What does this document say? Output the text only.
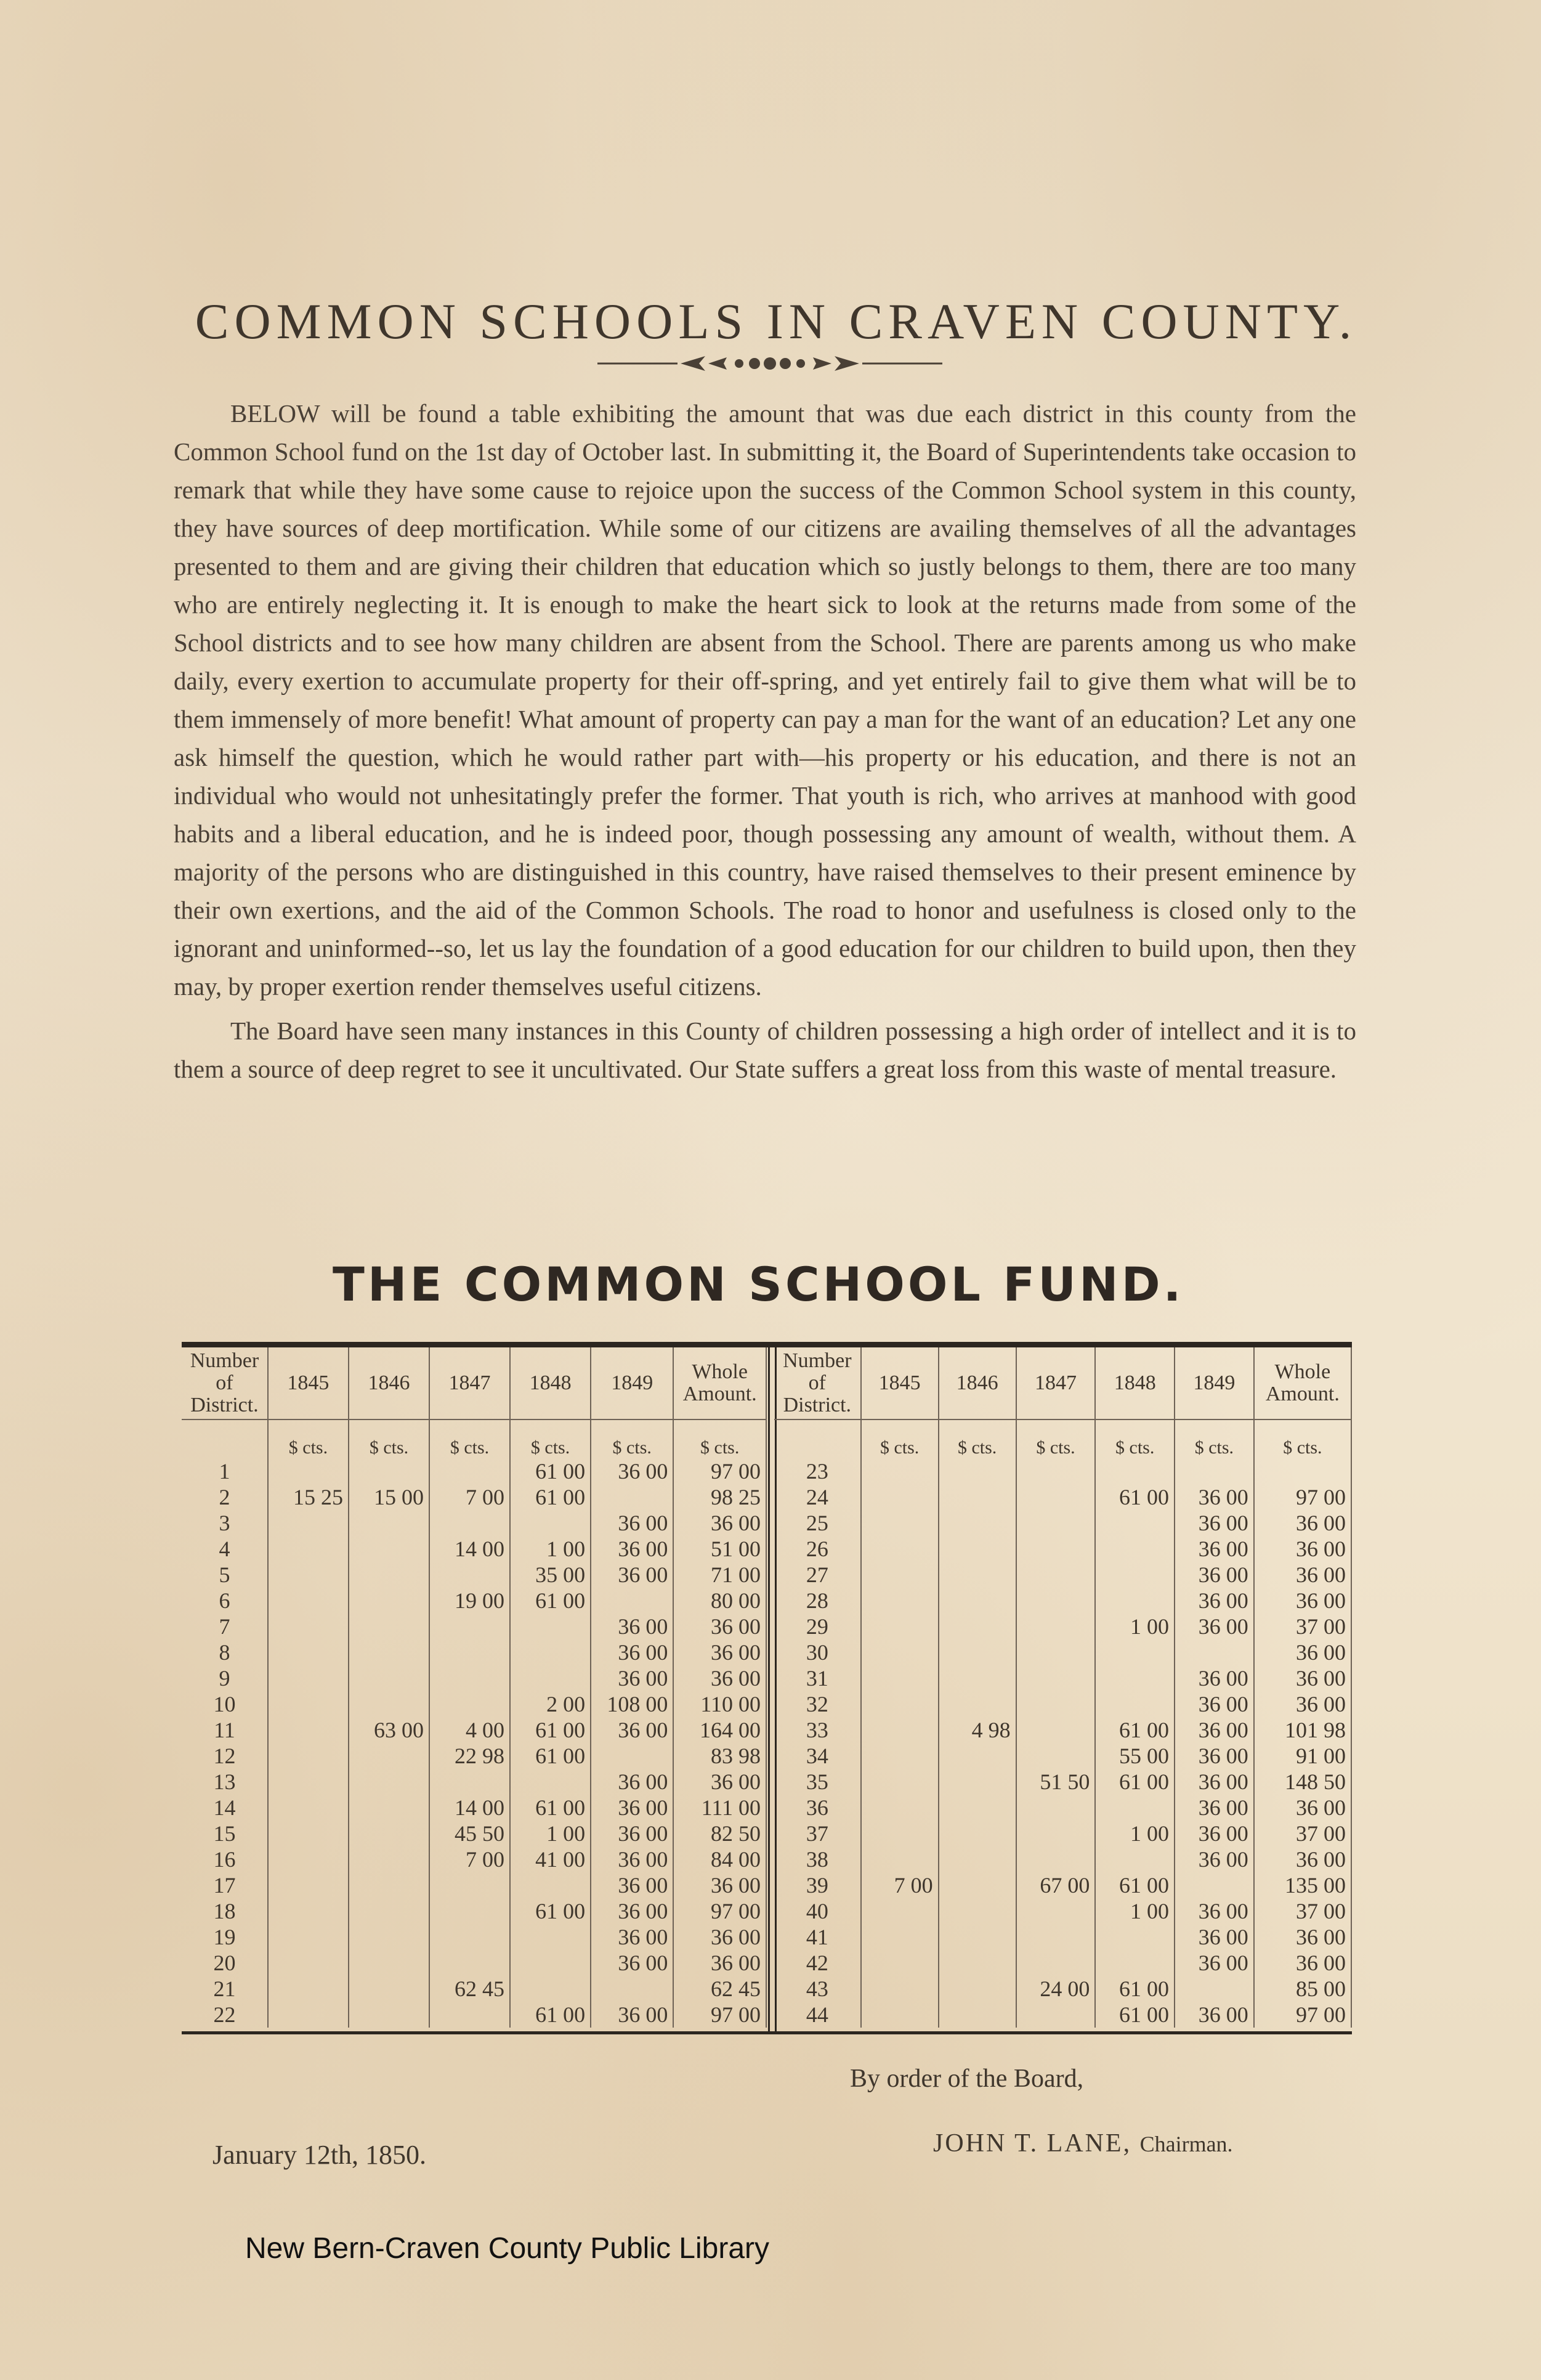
COMMON SCHOOLS IN CRAVEN COUNTY.

BELOW will be found a table exhibiting the amount that was due each district in this county from the Common School fund on the 1st day of October last. In submitting it, the Board of Superintendents take occasion to remark that while they have some cause to rejoice upon the success of the Common School system in this county, they have sources of deep mortification. While some of our citizens are availing themselves of all the advantages presented to them and are giving their children that education which so justly belongs to them, there are too many who are entirely neglecting it. It is enough to make the heart sick to look at the returns made from some of the School districts and to see how many children are absent from the School. There are parents among us who make daily, every exertion to accumulate property for their off-spring, and yet entirely fail to give them what will be to them immensely of more benefit! What amount of property can pay a man for the want of an education? Let any one ask himself the question, which he would rather part with—his property or his education, and there is not an individual who would not unhesitatingly prefer the former. That youth is rich, who arrives at manhood with good habits and a liberal education, and he is indeed poor, though possessing any amount of wealth, without them. A majority of the persons who are distinguished in this country, have raised themselves to their present eminence by their own exertions, and the aid of the Common Schools. The road to honor and usefulness is closed only to the ignorant and uninformed--so, let us lay the foundation of a good education for our children to build upon, then they may, by proper exertion render themselves useful citizens.

The Board have seen many instances in this County of children possessing a high order of intellect and it is to them a source of deep regret to see it uncultivated. Our State suffers a great loss from this waste of mental treasure.

THE COMMON SCHOOL FUND.
Number of District.	1845	1846	1847	1848	1849	Whole Amount.
	$ cts.	$ cts.	$ cts.	$ cts.	$ cts.	$ cts.
1				61 00	36 00	97 00
2	15 25	15 00	7 00	61 00		98 25
3					36 00	36 00
4			14 00	1 00	36 00	51 00
5				35 00	36 00	71 00
6			19 00	61 00		80 00
7					36 00	36 00
8					36 00	36 00
9					36 00	36 00
10				2 00	108 00	110 00
11		63 00	4 00	61 00	36 00	164 00
12			22 98	61 00		83 98
13					36 00	36 00
14			14 00	61 00	36 00	111 00
15			45 50	1 00	36 00	82 50
16			7 00	41 00	36 00	84 00
17					36 00	36 00
18				61 00	36 00	97 00
19					36 00	36 00
20					36 00	36 00
21			62 45			62 45
22				61 00	36 00	97 00
Number of District.	1845	1846	1847	1848	1849	Whole Amount.
	$ cts.	$ cts.	$ cts.	$ cts.	$ cts.	$ cts.
23						
24				61 00	36 00	97 00
25					36 00	36 00
26					36 00	36 00
27					36 00	36 00
28					36 00	36 00
29				1 00	36 00	37 00
30						36 00
31					36 00	36 00
32					36 00	36 00
33		4 98		61 00	36 00	101 98
34				55 00	36 00	91 00
35			51 50	61 00	36 00	148 50
36					36 00	36 00
37				1 00	36 00	37 00
38					36 00	36 00
39	7 00		67 00	61 00		135 00
40				1 00	36 00	37 00
41					36 00	36 00
42					36 00	36 00
43			24 00	61 00		85 00
44				61 00	36 00	97 00
By order of the Board,
January 12th, 1850.	JOHN T. LANE, Chairman.
New Bern-Craven County Public Library
